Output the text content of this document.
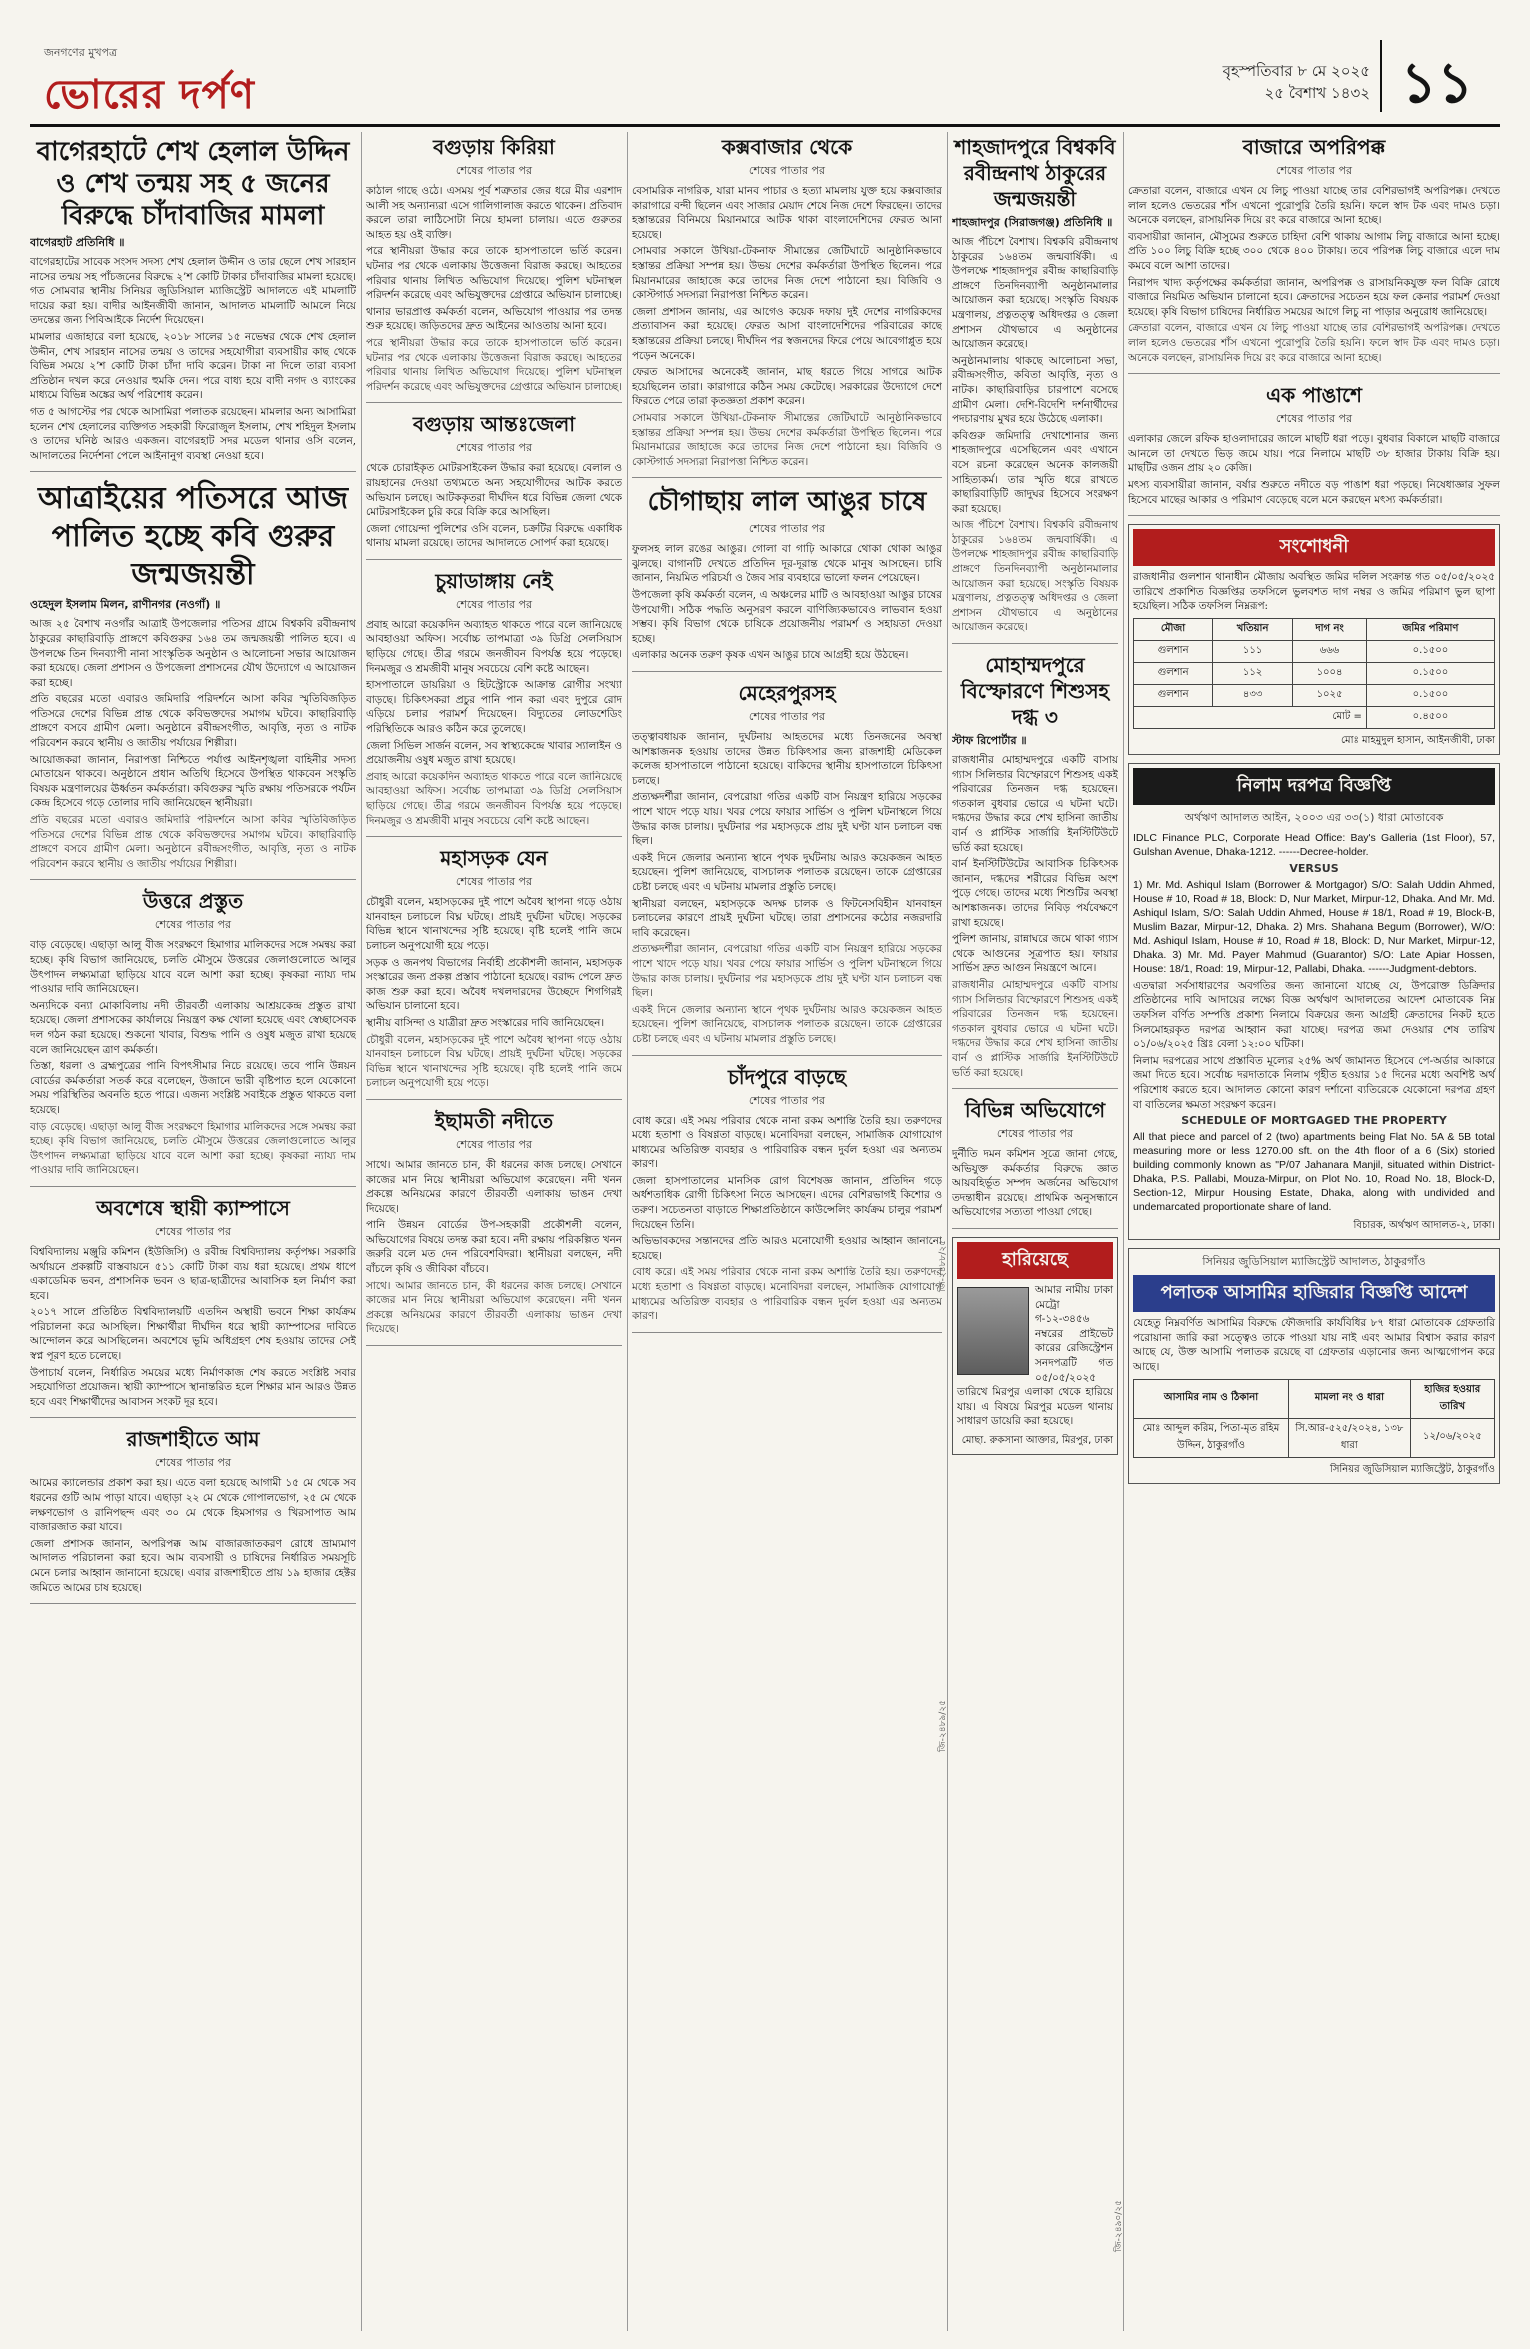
জনগণের মুখপত্র
ভোরের দর্পণ	বৃহস্পতিবার ৮ মে ২০২৫
২৫ বৈশাখ ১৪৩২ ১১
বাগেরহাটে শেখ হেলাল উদ্দিন ও শেখ তন্ময় সহ ৫ জনের বিরুদ্ধে চাঁদাবাজির মামলা
বাগেরহাট প্রতিনিধি ॥

বাগেরহাটের সাবেক সংসদ সদস্য শেখ হেলাল উদ্দীন ও তার ছেলে শেখ সারহান নাসের তন্ময় সহ পাঁচজনের বিরুদ্ধে ২’শ কোটি টাকার চাঁদাবাজির মামলা হয়েছে। গত সোমবার স্থানীয় সিনিয়র জুডিসিয়াল ম্যাজিস্ট্রেট আদালতে এই মামলাটি দায়ের করা হয়। বাদীর আইনজীবী জানান, আদালত মামলাটি আমলে নিয়ে তদন্তের জন্য পিবিআইকে নির্দেশ দিয়েছেন।

মামলার এজাহারে বলা হয়েছে, ২০১৮ সালের ১৫ নভেম্বর থেকে শেখ হেলাল উদ্দীন, শেখ সারহান নাসের তন্ময় ও তাদের সহযোগীরা ব্যবসায়ীর কাছ থেকে বিভিন্ন সময়ে ২’শ কোটি টাকা চাঁদা দাবি করেন। টাকা না দিলে তারা ব্যবসা প্রতিষ্ঠান দখল করে নেওয়ার হুমকি দেন। পরে বাধ্য হয়ে বাদী নগদ ও ব্যাংকের মাধ্যমে বিভিন্ন অঙ্কের অর্থ পরিশোধ করেন।

গত ৫ আগস্টের পর থেকে আসামিরা পলাতক রয়েছেন। মামলার অন্য আসামিরা হলেন শেখ হেলালের ব্যক্তিগত সহকারী ফিরোজুল ইসলাম, শেখ শহিদুল ইসলাম ও তাদের ঘনিষ্ঠ আরও একজন। বাগেরহাট সদর মডেল থানার ওসি বলেন, আদালতের নির্দেশনা পেলে আইনানুগ ব্যবস্থা নেওয়া হবে।

আত্রাইয়ের পতিসরে আজ পালিত হচ্ছে কবি গুরুর জন্মজয়ন্তী
ওহেদুল ইসলাম মিলন, রাণীনগর (নওগাঁ) ॥

আজ ২৫ বৈশাখ নওগাঁর আত্রাই উপজেলার পতিসর গ্রামে বিশ্বকবি রবীন্দ্রনাথ ঠাকুরের কাছারিবাড়ি প্রাঙ্গণে কবিগুরুর ১৬৪ তম জন্মজয়ন্তী পালিত হবে। এ উপলক্ষে তিন দিনব্যাপী নানা সাংস্কৃতিক অনুষ্ঠান ও আলোচনা সভার আয়োজন করা হয়েছে। জেলা প্রশাসন ও উপজেলা প্রশাসনের যৌথ উদ্যোগে এ আয়োজন করা হচ্ছে।

প্রতি বছরের মতো এবারও জমিদারি পরিদর্শনে আসা কবির স্মৃতিবিজড়িত পতিসরে দেশের বিভিন্ন প্রান্ত থেকে কবিভক্তদের সমাগম ঘটবে। কাছারিবাড়ি প্রাঙ্গণে বসবে গ্রামীণ মেলা। অনুষ্ঠানে রবীন্দ্রসংগীত, আবৃত্তি, নৃত্য ও নাটক পরিবেশন করবে স্থানীয় ও জাতীয় পর্যায়ের শিল্পীরা।

আয়োজকরা জানান, নিরাপত্তা নিশ্চিতে পর্যাপ্ত আইনশৃঙ্খলা বাহিনীর সদস্য মোতায়েন থাকবে। অনুষ্ঠানে প্রধান অতিথি হিসেবে উপস্থিত থাকবেন সংস্কৃতি বিষয়ক মন্ত্রণালয়ের ঊর্ধ্বতন কর্মকর্তারা। কবিগুরুর স্মৃতি রক্ষায় পতিসরকে পর্যটন কেন্দ্র হিসেবে গড়ে তোলার দাবি জানিয়েছেন স্থানীয়রা।

প্রতি বছরের মতো এবারও জমিদারি পরিদর্শনে আসা কবির স্মৃতিবিজড়িত পতিসরে দেশের বিভিন্ন প্রান্ত থেকে কবিভক্তদের সমাগম ঘটবে। কাছারিবাড়ি প্রাঙ্গণে বসবে গ্রামীণ মেলা। অনুষ্ঠানে রবীন্দ্রসংগীত, আবৃত্তি, নৃত্য ও নাটক পরিবেশন করবে স্থানীয় ও জাতীয় পর্যায়ের শিল্পীরা।

উত্তরে প্রস্তুত
শেষের পাতার পর

বাড় বেড়েছে। এছাড়া আলু বীজ সংরক্ষণে হিমাগার মালিকদের সঙ্গে সমন্বয় করা হচ্ছে। কৃষি বিভাগ জানিয়েছে, চলতি মৌসুমে উত্তরের জেলাগুলোতে আলুর উৎপাদন লক্ষ্যমাত্রা ছাড়িয়ে যাবে বলে আশা করা হচ্ছে। কৃষকরা ন্যায্য দাম পাওয়ার দাবি জানিয়েছেন।

অন্যদিকে বন্যা মোকাবিলায় নদী তীরবর্তী এলাকায় আশ্রয়কেন্দ্র প্রস্তুত রাখা হয়েছে। জেলা প্রশাসকের কার্যালয়ে নিয়ন্ত্রণ কক্ষ খোলা হয়েছে এবং স্বেচ্ছাসেবক দল গঠন করা হয়েছে। শুকনো খাবার, বিশুদ্ধ পানি ও ওষুধ মজুত রাখা হয়েছে বলে জানিয়েছেন ত্রাণ কর্মকর্তা।

তিস্তা, ধরলা ও ব্রহ্মপুত্রের পানি বিপৎসীমার নিচে রয়েছে। তবে পানি উন্নয়ন বোর্ডের কর্মকর্তারা সতর্ক করে বলেছেন, উজানে ভারী বৃষ্টিপাত হলে যেকোনো সময় পরিস্থিতির অবনতি হতে পারে। এজন্য সংশ্লিষ্ট সবাইকে প্রস্তুত থাকতে বলা হয়েছে।

বাড় বেড়েছে। এছাড়া আলু বীজ সংরক্ষণে হিমাগার মালিকদের সঙ্গে সমন্বয় করা হচ্ছে। কৃষি বিভাগ জানিয়েছে, চলতি মৌসুমে উত্তরের জেলাগুলোতে আলুর উৎপাদন লক্ষ্যমাত্রা ছাড়িয়ে যাবে বলে আশা করা হচ্ছে। কৃষকরা ন্যায্য দাম পাওয়ার দাবি জানিয়েছেন।

অবশেষে স্থায়ী ক্যাম্পাসে
শেষের পাতার পর

বিশ্ববিদ্যালয় মঞ্জুরি কমিশন (ইউজিসি) ও রবীন্দ্র বিশ্ববিদ্যালয় কর্তৃপক্ষ। সরকারি অর্থায়নে প্রকল্পটি বাস্তবায়নে ৫১১ কোটি টাকা ব্যয় ধরা হয়েছে। প্রথম ধাপে একাডেমিক ভবন, প্রশাসনিক ভবন ও ছাত্র-ছাত্রীদের আবাসিক হল নির্মাণ করা হবে।

২০১৭ সালে প্রতিষ্ঠিত বিশ্ববিদ্যালয়টি এতদিন অস্থায়ী ভবনে শিক্ষা কার্যক্রম পরিচালনা করে আসছিল। শিক্ষার্থীরা দীর্ঘদিন ধরে স্থায়ী ক্যাম্পাসের দাবিতে আন্দোলন করে আসছিলেন। অবশেষে ভূমি অধিগ্রহণ শেষ হওয়ায় তাদের সেই স্বপ্ন পূরণ হতে চলেছে।

উপাচার্য বলেন, নির্ধারিত সময়ের মধ্যে নির্মাণকাজ শেষ করতে সংশ্লিষ্ট সবার সহযোগিতা প্রয়োজন। স্থায়ী ক্যাম্পাসে স্থানান্তরিত হলে শিক্ষার মান আরও উন্নত হবে এবং শিক্ষার্থীদের আবাসন সংকট দূর হবে।

রাজশাহীতে আম
শেষের পাতার পর

আমের ক্যালেন্ডার প্রকাশ করা হয়। এতে বলা হয়েছে আগামী ১৫ মে থেকে সব ধরনের গুটি আম পাড়া যাবে। এছাড়া ২২ মে থেকে গোপালভোগ, ২৫ মে থেকে লক্ষণভোগ ও রানিপছন্দ এবং ৩০ মে থেকে হিমসাগর ও খিরসাপাত আম বাজারজাত করা যাবে।

জেলা প্রশাসক জানান, অপরিপক্ক আম বাজারজাতকরণ রোধে ভ্রাম্যমাণ আদালত পরিচালনা করা হবে। আম ব্যবসায়ী ও চাষিদের নির্ধারিত সময়সূচি মেনে চলার আহ্বান জানানো হয়েছে। এবার রাজশাহীতে প্রায় ১৯ হাজার হেক্টর জমিতে আমের চাষ হয়েছে।

বগুড়ায় কিরিয়া
শেষের পাতার পর

কাঠাল গাছে ওঠে। এসময় পূর্ব শত্রুতার জের ধরে মীর এরশাদ আলী সহ অন্যান্যরা এসে গালিগালাজ করতে থাকেন। প্রতিবাদ করলে তারা লাঠিসোটা নিয়ে হামলা চালায়। এতে গুরুতর আহত হয় ওই ব্যক্তি।

পরে স্থানীয়রা উদ্ধার করে তাকে হাসপাতালে ভর্তি করেন। ঘটনার পর থেকে এলাকায় উত্তেজনা বিরাজ করছে। আহতের পরিবার থানায় লিখিত অভিযোগ দিয়েছে। পুলিশ ঘটনাস্থল পরিদর্শন করেছে এবং অভিযুক্তদের গ্রেপ্তারে অভিযান চালাচ্ছে।

থানার ভারপ্রাপ্ত কর্মকর্তা বলেন, অভিযোগ পাওয়ার পর তদন্ত শুরু হয়েছে। জড়িতদের দ্রুত আইনের আওতায় আনা হবে।

পরে স্থানীয়রা উদ্ধার করে তাকে হাসপাতালে ভর্তি করেন। ঘটনার পর থেকে এলাকায় উত্তেজনা বিরাজ করছে। আহতের পরিবার থানায় লিখিত অভিযোগ দিয়েছে। পুলিশ ঘটনাস্থল পরিদর্শন করেছে এবং অভিযুক্তদের গ্রেপ্তারে অভিযান চালাচ্ছে।

বগুড়ায় আন্তঃজেলা
শেষের পাতার পর

থেকে চোরাইকৃত মোটরসাইকেল উদ্ধার করা হয়েছে। বেলাল ও রায়হানের দেওয়া তথ্যমতে অন্য সহযোগীদের আটক করতে অভিযান চলছে। আটককৃতরা দীর্ঘদিন ধরে বিভিন্ন জেলা থেকে মোটরসাইকেল চুরি করে বিক্রি করে আসছিল।

জেলা গোয়েন্দা পুলিশের ওসি বলেন, চক্রটির বিরুদ্ধে একাধিক থানায় মামলা রয়েছে। তাদের আদালতে সোপর্দ করা হয়েছে।

চুয়াডাঙ্গায় নেই
শেষের পাতার পর

প্রবাহ আরো কয়েকদিন অব্যাহত থাকতে পারে বলে জানিয়েছে আবহাওয়া অফিস। সর্বোচ্চ তাপমাত্রা ৩৯ ডিগ্রি সেলসিয়াস ছাড়িয়ে গেছে। তীব্র গরমে জনজীবন বিপর্যস্ত হয়ে পড়েছে। দিনমজুর ও শ্রমজীবী মানুষ সবচেয়ে বেশি কষ্টে আছেন।

হাসপাতালে ডায়রিয়া ও হিটস্ট্রোকে আক্রান্ত রোগীর সংখ্যা বাড়ছে। চিকিৎসকরা প্রচুর পানি পান করা এবং দুপুরে রোদ এড়িয়ে চলার পরামর্শ দিয়েছেন। বিদ্যুতের লোডশেডিং পরিস্থিতিকে আরও কঠিন করে তুলেছে।

জেলা সিভিল সার্জন বলেন, সব স্বাস্থ্যকেন্দ্রে খাবার স্যালাইন ও প্রয়োজনীয় ওষুধ মজুত রাখা হয়েছে।

প্রবাহ আরো কয়েকদিন অব্যাহত থাকতে পারে বলে জানিয়েছে আবহাওয়া অফিস। সর্বোচ্চ তাপমাত্রা ৩৯ ডিগ্রি সেলসিয়াস ছাড়িয়ে গেছে। তীব্র গরমে জনজীবন বিপর্যস্ত হয়ে পড়েছে। দিনমজুর ও শ্রমজীবী মানুষ সবচেয়ে বেশি কষ্টে আছেন।

মহাসড়ক যেন
শেষের পাতার পর

চৌধুরী বলেন, মহাসড়কের দুই পাশে অবৈধ স্থাপনা গড়ে ওঠায় যানবাহন চলাচলে বিঘ্ন ঘটছে। প্রায়ই দুর্ঘটনা ঘটছে। সড়কের বিভিন্ন স্থানে খানাখন্দের সৃষ্টি হয়েছে। বৃষ্টি হলেই পানি জমে চলাচল অনুপযোগী হয়ে পড়ে।

সড়ক ও জনপথ বিভাগের নির্বাহী প্রকৌশলী জানান, মহাসড়ক সংস্কারের জন্য প্রকল্প প্রস্তাব পাঠানো হয়েছে। বরাদ্দ পেলে দ্রুত কাজ শুরু করা হবে। অবৈধ দখলদারদের উচ্ছেদে শিগগিরই অভিযান চালানো হবে।

স্থানীয় বাসিন্দা ও যাত্রীরা দ্রুত সংস্কারের দাবি জানিয়েছেন।

চৌধুরী বলেন, মহাসড়কের দুই পাশে অবৈধ স্থাপনা গড়ে ওঠায় যানবাহন চলাচলে বিঘ্ন ঘটছে। প্রায়ই দুর্ঘটনা ঘটছে। সড়কের বিভিন্ন স্থানে খানাখন্দের সৃষ্টি হয়েছে। বৃষ্টি হলেই পানি জমে চলাচল অনুপযোগী হয়ে পড়ে।

ইছামতী নদীতে
শেষের পাতার পর

সাথে। আমার জানতে চান, কী ধরনের কাজ চলছে। সেখানে কাজের মান নিয়ে স্থানীয়রা অভিযোগ করেছেন। নদী খনন প্রকল্পে অনিয়মের কারণে তীরবর্তী এলাকায় ভাঙন দেখা দিয়েছে।

পানি উন্নয়ন বোর্ডের উপ-সহকারী প্রকৌশলী বলেন, অভিযোগের বিষয়ে তদন্ত করা হবে। নদী রক্ষায় পরিকল্পিত খনন জরুরি বলে মত দেন পরিবেশবিদরা। স্থানীয়রা বলছেন, নদী বাঁচলে কৃষি ও জীবিকা বাঁচবে।

সাথে। আমার জানতে চান, কী ধরনের কাজ চলছে। সেখানে কাজের মান নিয়ে স্থানীয়রা অভিযোগ করেছেন। নদী খনন প্রকল্পে অনিয়মের কারণে তীরবর্তী এলাকায় ভাঙন দেখা দিয়েছে।

কক্সবাজার থেকে
শেষের পাতার পর

বেসামরিক নাগরিক, যারা মানব পাচার ও হত্যা মামলায় যুক্ত হয়ে কক্সবাজার কারাগারে বন্দী ছিলেন এবং সাজার মেয়াদ শেষে নিজ দেশে ফিরছেন। তাদের হস্তান্তরের বিনিময়ে মিয়ানমারে আটক থাকা বাংলাদেশিদের ফেরত আনা হয়েছে।

সোমবার সকালে উখিয়া-টেকনাফ সীমান্তের জেটিঘাটে আনুষ্ঠানিকভাবে হস্তান্তর প্রক্রিয়া সম্পন্ন হয়। উভয় দেশের কর্মকর্তারা উপস্থিত ছিলেন। পরে মিয়ানমারের জাহাজে করে তাদের নিজ দেশে পাঠানো হয়। বিজিবি ও কোস্টগার্ড সদস্যরা নিরাপত্তা নিশ্চিত করেন।

জেলা প্রশাসন জানায়, এর আগেও কয়েক দফায় দুই দেশের নাগরিকদের প্রত্যাবাসন করা হয়েছে। ফেরত আসা বাংলাদেশিদের পরিবারের কাছে হস্তান্তরের প্রক্রিয়া চলছে। দীর্ঘদিন পর স্বজনদের ফিরে পেয়ে আবেগাপ্লুত হয়ে পড়েন অনেকে।

ফেরত আসাদের অনেকেই জানান, মাছ ধরতে গিয়ে সাগরে আটক হয়েছিলেন তারা। কারাগারে কঠিন সময় কেটেছে। সরকারের উদ্যোগে দেশে ফিরতে পেরে তারা কৃতজ্ঞতা প্রকাশ করেন।

সোমবার সকালে উখিয়া-টেকনাফ সীমান্তের জেটিঘাটে আনুষ্ঠানিকভাবে হস্তান্তর প্রক্রিয়া সম্পন্ন হয়। উভয় দেশের কর্মকর্তারা উপস্থিত ছিলেন। পরে মিয়ানমারের জাহাজে করে তাদের নিজ দেশে পাঠানো হয়। বিজিবি ও কোস্টগার্ড সদস্যরা নিরাপত্তা নিশ্চিত করেন।

চৌগাছায় লাল আঙুর চাষে
শেষের পাতার পর

ফুলসহ লাল রঙের আঙুর। গোলা বা গাঢ়ি আকারে থোকা থোকা আঙুর ঝুলছে। বাগানটি দেখতে প্রতিদিন দূর-দূরান্ত থেকে মানুষ আসছেন। চাষি জানান, নিয়মিত পরিচর্যা ও জৈব সার ব্যবহারে ভালো ফলন পেয়েছেন।

উপজেলা কৃষি কর্মকর্তা বলেন, এ অঞ্চলের মাটি ও আবহাওয়া আঙুর চাষের উপযোগী। সঠিক পদ্ধতি অনুসরণ করলে বাণিজ্যিকভাবেও লাভবান হওয়া সম্ভব। কৃষি বিভাগ থেকে চাষিকে প্রয়োজনীয় পরামর্শ ও সহায়তা দেওয়া হচ্ছে।

এলাকার অনেক তরুণ কৃষক এখন আঙুর চাষে আগ্রহী হয়ে উঠছেন।

মেহেরপুরসহ
শেষের পাতার পর

তত্ত্বাবধায়ক জানান, দুর্ঘটনায় আহতদের মধ্যে তিনজনের অবস্থা আশঙ্কাজনক হওয়ায় তাদের উন্নত চিকিৎসার জন্য রাজশাহী মেডিকেল কলেজ হাসপাতালে পাঠানো হয়েছে। বাকিদের স্থানীয় হাসপাতালে চিকিৎসা চলছে।

প্রত্যক্ষদর্শীরা জানান, বেপরোয়া গতির একটি বাস নিয়ন্ত্রণ হারিয়ে সড়কের পাশে খাদে পড়ে যায়। খবর পেয়ে ফায়ার সার্ভিস ও পুলিশ ঘটনাস্থলে গিয়ে উদ্ধার কাজ চালায়। দুর্ঘটনার পর মহাসড়কে প্রায় দুই ঘণ্টা যান চলাচল বন্ধ ছিল।

একই দিনে জেলার অন্যান্য স্থানে পৃথক দুর্ঘটনায় আরও কয়েকজন আহত হয়েছেন। পুলিশ জানিয়েছে, বাসচালক পলাতক রয়েছেন। তাকে গ্রেপ্তারের চেষ্টা চলছে এবং এ ঘটনায় মামলার প্রস্তুতি চলছে।

স্থানীয়রা বলছেন, মহাসড়কে অদক্ষ চালক ও ফিটনেসবিহীন যানবাহন চলাচলের কারণে প্রায়ই দুর্ঘটনা ঘটছে। তারা প্রশাসনের কঠোর নজরদারি দাবি করেছেন।

প্রত্যক্ষদর্শীরা জানান, বেপরোয়া গতির একটি বাস নিয়ন্ত্রণ হারিয়ে সড়কের পাশে খাদে পড়ে যায়। খবর পেয়ে ফায়ার সার্ভিস ও পুলিশ ঘটনাস্থলে গিয়ে উদ্ধার কাজ চালায়। দুর্ঘটনার পর মহাসড়কে প্রায় দুই ঘণ্টা যান চলাচল বন্ধ ছিল।

একই দিনে জেলার অন্যান্য স্থানে পৃথক দুর্ঘটনায় আরও কয়েকজন আহত হয়েছেন। পুলিশ জানিয়েছে, বাসচালক পলাতক রয়েছেন। তাকে গ্রেপ্তারের চেষ্টা চলছে এবং এ ঘটনায় মামলার প্রস্তুতি চলছে।

চাঁদপুরে বাড়ছে
শেষের পাতার পর

বোধ করে। এই সময় পরিবার থেকে নানা রকম অশান্তি তৈরি হয়। তরুণদের মধ্যে হতাশা ও বিষণ্ণতা বাড়ছে। মনোবিদরা বলছেন, সামাজিক যোগাযোগ মাধ্যমের অতিরিক্ত ব্যবহার ও পারিবারিক বন্ধন দুর্বল হওয়া এর অন্যতম কারণ।

জেলা হাসপাতালের মানসিক রোগ বিশেষজ্ঞ জানান, প্রতিদিন গড়ে অর্ধশতাধিক রোগী চিকিৎসা নিতে আসছেন। এদের বেশিরভাগই কিশোর ও তরুণ। সচেতনতা বাড়াতে শিক্ষাপ্রতিষ্ঠানে কাউন্সেলিং কার্যক্রম চালুর পরামর্শ দিয়েছেন তিনি।

অভিভাবকদের সন্তানদের প্রতি আরও মনোযোগী হওয়ার আহ্বান জানানো হয়েছে।

বোধ করে। এই সময় পরিবার থেকে নানা রকম অশান্তি তৈরি হয়। তরুণদের মধ্যে হতাশা ও বিষণ্ণতা বাড়ছে। মনোবিদরা বলছেন, সামাজিক যোগাযোগ মাধ্যমের অতিরিক্ত ব্যবহার ও পারিবারিক বন্ধন দুর্বল হওয়া এর অন্যতম কারণ।

শাহজাদপুরে বিশ্বকবি রবীন্দ্রনাথ ঠাকুরের জন্মজয়ন্তী
শাহজাদপুর (সিরাজগঞ্জ) প্রতিনিধি ॥

আজ পঁচিশে বৈশাখ। বিশ্বকবি রবীন্দ্রনাথ ঠাকুরের ১৬৪তম জন্মবার্ষিকী। এ উপলক্ষে শাহজাদপুর রবীন্দ্র কাছারিবাড়ি প্রাঙ্গণে তিনদিনব্যাপী অনুষ্ঠানমালার আয়োজন করা হয়েছে। সংস্কৃতি বিষয়ক মন্ত্রণালয়, প্রত্নতত্ত্ব অধিদপ্তর ও জেলা প্রশাসন যৌথভাবে এ অনুষ্ঠানের আয়োজন করেছে।

অনুষ্ঠানমালায় থাকছে আলোচনা সভা, রবীন্দ্রসংগীত, কবিতা আবৃত্তি, নৃত্য ও নাটক। কাছারিবাড়ির চারপাশে বসেছে গ্রামীণ মেলা। দেশি-বিদেশি দর্শনার্থীদের পদচারণায় মুখর হয়ে উঠেছে এলাকা।

কবিগুরু জমিদারি দেখাশোনার জন্য শাহজাদপুরে এসেছিলেন এবং এখানে বসে রচনা করেছেন অনেক কালজয়ী সাহিত্যকর্ম। তার স্মৃতি ধরে রাখতে কাছারিবাড়িটি জাদুঘর হিসেবে সংরক্ষণ করা হয়েছে।

আজ পঁচিশে বৈশাখ। বিশ্বকবি রবীন্দ্রনাথ ঠাকুরের ১৬৪তম জন্মবার্ষিকী। এ উপলক্ষে শাহজাদপুর রবীন্দ্র কাছারিবাড়ি প্রাঙ্গণে তিনদিনব্যাপী অনুষ্ঠানমালার আয়োজন করা হয়েছে। সংস্কৃতি বিষয়ক মন্ত্রণালয়, প্রত্নতত্ত্ব অধিদপ্তর ও জেলা প্রশাসন যৌথভাবে এ অনুষ্ঠানের আয়োজন করেছে।

মোহাম্মদপুরে বিস্ফোরণে শিশুসহ দগ্ধ ৩
স্টাফ রিপোর্টার ॥

রাজধানীর মোহাম্মদপুরে একটি বাসায় গ্যাস সিলিন্ডার বিস্ফোরণে শিশুসহ একই পরিবারের তিনজন দগ্ধ হয়েছেন। গতকাল বুধবার ভোরে এ ঘটনা ঘটে। দগ্ধদের উদ্ধার করে শেখ হাসিনা জাতীয় বার্ন ও প্লাস্টিক সার্জারি ইনস্টিটিউটে ভর্তি করা হয়েছে।

বার্ন ইনস্টিটিউটের আবাসিক চিকিৎসক জানান, দগ্ধদের শরীরের বিভিন্ন অংশ পুড়ে গেছে। তাদের মধ্যে শিশুটির অবস্থা আশঙ্কাজনক। তাদের নিবিড় পর্যবেক্ষণে রাখা হয়েছে।

পুলিশ জানায়, রান্নাঘরে জমে থাকা গ্যাস থেকে আগুনের সূত্রপাত হয়। ফায়ার সার্ভিস দ্রুত আগুন নিয়ন্ত্রণে আনে।

রাজধানীর মোহাম্মদপুরে একটি বাসায় গ্যাস সিলিন্ডার বিস্ফোরণে শিশুসহ একই পরিবারের তিনজন দগ্ধ হয়েছেন। গতকাল বুধবার ভোরে এ ঘটনা ঘটে। দগ্ধদের উদ্ধার করে শেখ হাসিনা জাতীয় বার্ন ও প্লাস্টিক সার্জারি ইনস্টিটিউটে ভর্তি করা হয়েছে।

বিভিন্ন অভিযোগে
শেষের পাতার পর

দুর্নীতি দমন কমিশন সূত্রে জানা গেছে, অভিযুক্ত কর্মকর্তার বিরুদ্ধে জ্ঞাত আয়বহির্ভূত সম্পদ অর্জনের অভিযোগ তদন্তাধীন রয়েছে। প্রাথমিক অনুসন্ধানে অভিযোগের সত্যতা পাওয়া গেছে।

হারিয়েছে

আমার নামীয় ঢাকা মেট্রো গ-১২-৩৪৫৬ নম্বরের প্রাইভেট কারের রেজিস্ট্রেশন সনদপত্রটি গত ০৫/০৫/২০২৫ তারিখে মিরপুর এলাকা থেকে হারিয়ে যায়। এ বিষয়ে মিরপুর মডেল থানায় সাধারণ ডায়েরি করা হয়েছে।

মোছা. রুকসানা আক্তার, মিরপুর, ঢাকা
বাজারে অপরিপক্ক
শেষের পাতার পর

ক্রেতারা বলেন, বাজারে এখন যে লিচু পাওয়া যাচ্ছে তার বেশিরভাগই অপরিপক্ক। দেখতে লাল হলেও ভেতরের শাঁস এখনো পুরোপুরি তৈরি হয়নি। ফলে স্বাদ টক এবং দামও চড়া। অনেকে বলছেন, রাসায়নিক দিয়ে রং করে বাজারে আনা হচ্ছে।

ব্যবসায়ীরা জানান, মৌসুমের শুরুতে চাহিদা বেশি থাকায় আগাম লিচু বাজারে আনা হচ্ছে। প্রতি ১০০ লিচু বিক্রি হচ্ছে ৩০০ থেকে ৪০০ টাকায়। তবে পরিপক্ক লিচু বাজারে এলে দাম কমবে বলে আশা তাদের।

নিরাপদ খাদ্য কর্তৃপক্ষের কর্মকর্তারা জানান, অপরিপক্ক ও রাসায়নিকযুক্ত ফল বিক্রি রোধে বাজারে নিয়মিত অভিযান চালানো হবে। ক্রেতাদের সচেতন হয়ে ফল কেনার পরামর্শ দেওয়া হয়েছে। কৃষি বিভাগ চাষিদের নির্ধারিত সময়ের আগে লিচু না পাড়ার অনুরোধ জানিয়েছে।

ক্রেতারা বলেন, বাজারে এখন যে লিচু পাওয়া যাচ্ছে তার বেশিরভাগই অপরিপক্ক। দেখতে লাল হলেও ভেতরের শাঁস এখনো পুরোপুরি তৈরি হয়নি। ফলে স্বাদ টক এবং দামও চড়া। অনেকে বলছেন, রাসায়নিক দিয়ে রং করে বাজারে আনা হচ্ছে।

এক পাঙাশে
শেষের পাতার পর

এলাকার জেলে রফিক হাওলাদারের জালে মাছটি ধরা পড়ে। বুধবার বিকালে মাছটি বাজারে আনলে তা দেখতে ভিড় জমে যায়। পরে নিলামে মাছটি ৩৮ হাজার টাকায় বিক্রি হয়। মাছটির ওজন প্রায় ২০ কেজি।

মৎস্য ব্যবসায়ীরা জানান, বর্ষার শুরুতে নদীতে বড় পাঙাশ ধরা পড়ছে। নিষেধাজ্ঞার সুফল হিসেবে মাছের আকার ও পরিমাণ বেড়েছে বলে মনে করছেন মৎস্য কর্মকর্তারা।

সংশোধনী

রাজধানীর গুলশান থানাধীন মৌজায় অবস্থিত জমির দলিল সংক্রান্ত গত ০৫/০৫/২০২৫ তারিখে প্রকাশিত বিজ্ঞপ্তির তফসিলে ভুলবশত দাগ নম্বর ও জমির পরিমাণ ভুল ছাপা হয়েছিল। সঠিক তফসিল নিম্নরূপ:

মৌজা	খতিয়ান	দাগ নং	জমির পরিমাণ
গুলশান	১১১	৬৬৬	০.১৫০০
গুলশান	১১২	১০০৪	০.১৫০০
গুলশান	৪৩৩	১০২৫	০.১৫০০
মোট =			০.৪৫০০
মোঃ মাহমুদুল হাসান, আইনজীবী, ঢাকা
নিলাম দরপত্র বিজ্ঞপ্তি
অর্থঋণ আদালত আইন, ২০০৩ এর ৩৩(১) ধারা মোতাবেক

IDLC Finance PLC, Corporate Head Office: Bay's Galleria (1st Floor), 57, Gulshan Avenue, Dhaka-1212. ------Decree-holder.

VERSUS

1) Mr. Md. Ashiqul Islam (Borrower & Mortgagor) S/O: Salah Uddin Ahmed, House # 10, Road # 18, Block: D, Nur Market, Mirpur-12, Dhaka. And Mr. Md. Ashiqul Islam, S/O: Salah Uddin Ahmed, House # 18/1, Road # 19, Block-B, Muslim Bazar, Mirpur-12, Dhaka. 2) Mrs. Shahana Begum (Borrower), W/O: Md. Ashiqul Islam, House # 10, Road # 18, Block: D, Nur Market, Mirpur-12, Dhaka. 3) Mr. Md. Payer Mahmud (Guarantor) S/O: Late Apiar Hossen, House: 18/1, Road: 19, Mirpur-12, Pallabi, Dhaka. ------Judgment-debtors.

এতদ্বারা সর্বসাধারণের অবগতির জন্য জানানো যাচ্ছে যে, উপরোক্ত ডিক্রিদার প্রতিষ্ঠানের দাবি আদায়ের লক্ষ্যে বিজ্ঞ অর্থঋণ আদালতের আদেশ মোতাবেক নিম্ন তফসিল বর্ণিত সম্পত্তি প্রকাশ্য নিলামে বিক্রয়ের জন্য আগ্রহী ক্রেতাদের নিকট হতে সিলমোহরকৃত দরপত্র আহ্বান করা যাচ্ছে। দরপত্র জমা দেওয়ার শেষ তারিখ ০১/০৬/২০২৫ খ্রিঃ বেলা ১২:০০ ঘটিকা।

নিলাম দরপত্রের সাথে প্রস্তাবিত মূল্যের ২৫% অর্থ জামানত হিসেবে পে-অর্ডার আকারে জমা দিতে হবে। সর্বোচ্চ দরদাতাকে নিলাম গৃহীত হওয়ার ১৫ দিনের মধ্যে অবশিষ্ট অর্থ পরিশোধ করতে হবে। আদালত কোনো কারণ দর্শানো ব্যতিরেকে যেকোনো দরপত্র গ্রহণ বা বাতিলের ক্ষমতা সংরক্ষণ করেন।

SCHEDULE OF MORTGAGED THE PROPERTY

All that piece and parcel of 2 (two) apartments being Flat No. 5A & 5B total measuring more or less 1270.00 sft. on the 4th floor of a 6 (Six) storied building commonly known as "P/07 Jahanara Manjil, situated within District-Dhaka, P.S. Pallabi, Mouza-Mirpur, on Plot No. 10, Road No. 18, Block-D, Section-12, Mirpur Housing Estate, Dhaka, along with undivided and undemarcated proportionate share of land.

বিচারক, অর্থঋণ আদালত-২, ঢাকা।
সিনিয়র জুডিসিয়াল ম্যাজিস্ট্রেট আদালত, ঠাকুরগাঁও
পলাতক আসামির হাজিরার বিজ্ঞপ্তি আদেশ

যেহেতু নিম্নবর্ণিত আসামির বিরুদ্ধে ফৌজদারি কার্যবিধির ৮৭ ধারা মোতাবেক গ্রেফতারি পরোয়ানা জারি করা সত্ত্বেও তাকে পাওয়া যায় নাই এবং আমার বিশ্বাস করার কারণ আছে যে, উক্ত আসামি পলাতক রয়েছে বা গ্রেফতার এড়ানোর জন্য আত্মগোপন করে আছে।

আসামির নাম ও ঠিকানা	মামলা নং ও ধারা	হাজির হওয়ার তারিখ
মোঃ আব্দুল করিম, পিতা-মৃত রহিম উদ্দিন, ঠাকুরগাঁও	সি.আর-৫২৫/২০২৪, ১৩৮ ধারা	১২/০৬/২০২৫
সিনিয়র জুডিসিয়াল ম্যাজিস্ট্রেট, ঠাকুরগাঁও
জি-২৪৮৮/২৫
জি-২৪৮৯/২৫
জি-২৪৯০/২৫
